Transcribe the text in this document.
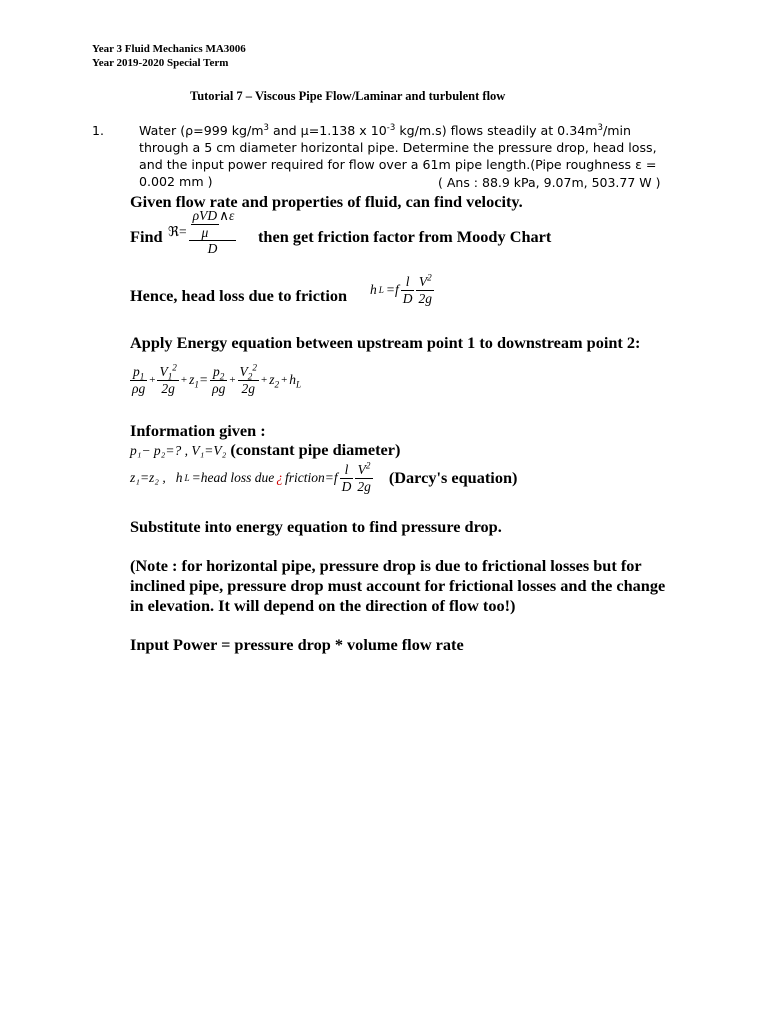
Year 3 Fluid Mechanics MA3006
Year 2019-2020 Special Term
Tutorial 7 – Viscous Pipe Flow/Laminar and turbulent flow
1.	Water (ρ=999 $kg/m^3$ and μ=1.138 x $10^{-3}$ kg/m.s) flows steadily at $0.34m^3/\min$ through a 5 cm diameter horizontal pipe. Determine the pressure drop, head loss, and the input power required for flow over a 61m pipe length.(Pipe roughness ε = 0.002 mm )	( Ans : 88.9 kPa, 9.07m, 503.77 W )
Given flow rate and properties of fluid, can find velocity.
Find ℜ= $\frac{\frac{\text{ρVD}}{\mu} \wedge\varepsilon}{D}$ then get friction factor from Moody Chart
Hence, head loss due to friction h $L =f \frac{l}{D} \frac{V^2}{2g}$
Apply Energy equation between upstream point 1 to downstream point 2:
$\frac{p_1}{\rho g} + \frac{V_1^2}{2g} + z_1= \frac{p_2}{\rho g} + \frac{V_2^2}{2g} + z_2 + h_L$
Information given :
p₁− p₂=? , V₁=V₂ (constant pipe diameter)
z₁=z₂ , h L =head loss due ¿ friction=f $\frac{l}{D} \frac{V^2}{2g}$ (Darcy's equation)
Substitute into energy equation to find pressure drop.
(Note : for horizontal pipe, pressure drop is due to frictional losses but for inclined pipe, pressure drop must account for frictional losses and the change in elevation. It will depend on the direction of flow too!)
Input Power = pressure drop * volume flow rate
